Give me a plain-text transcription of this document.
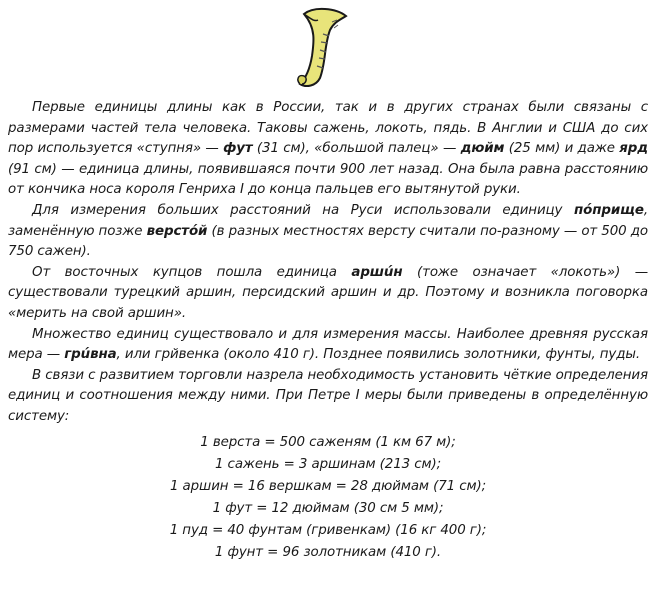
Первые единицы длины как в России, так и в других странах были связаны с размерами частей тела человека. Таковы сажень, локоть, пядь. В Англии и США до сих пор используется «ступня» — фут (31 см), «большой палец» — дюйм (25 мм) и даже ярд (91 см) — единица длины, появившаяся почти 900 лет назад. Она была равна расстоянию от кончика носа короля Генриха I до конца пальцев его вытянутой руки.

Для измерения больших расстояний на Руси использовали единицу пóприще, заменённую позже верстóй (в разных местностях версту считали по-разному — от 500 до 750 сажен).

От восточных купцов пошла единица аршúн (тоже означает «локоть») — существовали турецкий аршин, персидский аршин и др. Поэтому и возникла поговорка «мерить на свой аршин».

Множество единиц существовало и для измерения массы. Наиболее древняя русская мера — грúвна, или грйвенка (около 410 г). Позднее появились золотники, фунты, пуды.

В связи с развитием торговли назрела необходимость установить чёткие определения единиц и соотношения между ними. При Петре I меры были приведены в определённую систему:

1 верста = 500 саженям (1 км 67 м);
1 сажень = 3 аршинам (213 см);
1 аршин = 16 вершкам = 28 дюймам (71 см);
1 фут = 12 дюймам (30 см 5 мм);
1 пуд = 40 фунтам (гривенкам) (16 кг 400 г);
1 фунт = 96 золотникам (410 г).
